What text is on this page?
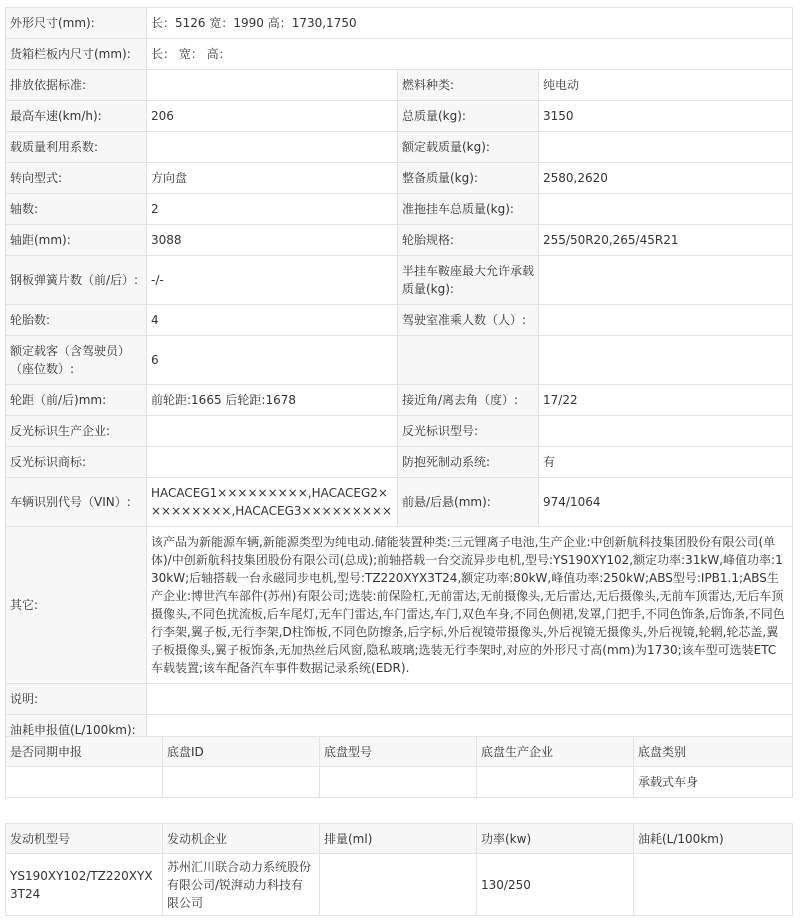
外形尺寸(mm):	长：5126 宽：1990 高：1730,1750		
货箱栏板内尺寸(mm):	长： 宽： 高：		
排放依据标准:		燃料种类:	纯电动
最高车速(km/h):	206	总质量(kg):	3150
载质量利用系数:		额定载质量(kg):	
转向型式:	方向盘	整备质量(kg):	2580,2620
轴数:	2	准拖挂车总质量(kg):	
轴距(mm):	3088	轮胎规格:	255/50R20,265/45R21
钢板弹簧片数（前/后）:	-/-	半挂车鞍座最大允许承载质量(kg):	
轮胎数:	4	驾驶室准乘人数（人）:	
额定载客（含驾驶员）（座位数）:	6		
轮距（前/后)mm:	前轮距:1665 后轮距:1678	接近角/离去角（度）:	17/22
反光标识生产企业:		反光标识型号:	
反光标识商标:		防抱死制动系统:	有
车辆识别代号（VIN）:	HACACEG1×××××××××,HACACEG2×××××××××,HACACEG3×××××××××	前悬/后悬(mm):	974/1064
其它:	该产品为新能源车辆,新能源类型为纯电动.储能装置种类:三元锂离子电池,生产企业:中创新航科技集团股份有限公司(单体)/中创新航科技集团股份有限公司(总成);前轴搭载一台交流异步电机,型号:YS190XY102,额定功率:31kW,峰值功率:130kW;后轴搭载一台永磁同步电机,型号:TZ220XYX3T24,额定功率:80kW,峰值功率:250kW;ABS型号:IPB1.1;ABS生产企业:博世汽车部件(苏州)有限公司;选装:前保险杠,无前雷达,无前摄像头,无后雷达,无后摄像头,无前车顶雷达,无后车顶摄像头,不同色扰流板,后车尾灯,无车门雷达,车门雷达,车门,双色车身,不同色侧裙,发罩,门把手,不同色饰条,后饰条,不同色行李架,翼子板,无行李架,D柱饰板,不同色防擦条,后字标,外后视镜带摄像头,外后视镜无摄像头,外后视镜,轮辋,轮芯盖,翼子板摄像头,翼子板饰条,无加热丝后风窗,隐私玻璃;选装无行李架时,对应的外形尺寸高(mm)为1730;该车型可选装ETC车载装置;该车配备汽车事件数据记录系统(EDR).		
说明:			
油耗申报值(L/100km):			
是否同期申报	底盘ID	底盘型号	底盘生产企业	底盘类别
				承载式车身
发动机型号	发动机企业	排量(ml)	功率(kw)	油耗(L/100km)
YS190XY102/TZ220XYX3T24	苏州汇川联合动力系统股份有限公司/锐湃动力科技有限公司		130/250	
